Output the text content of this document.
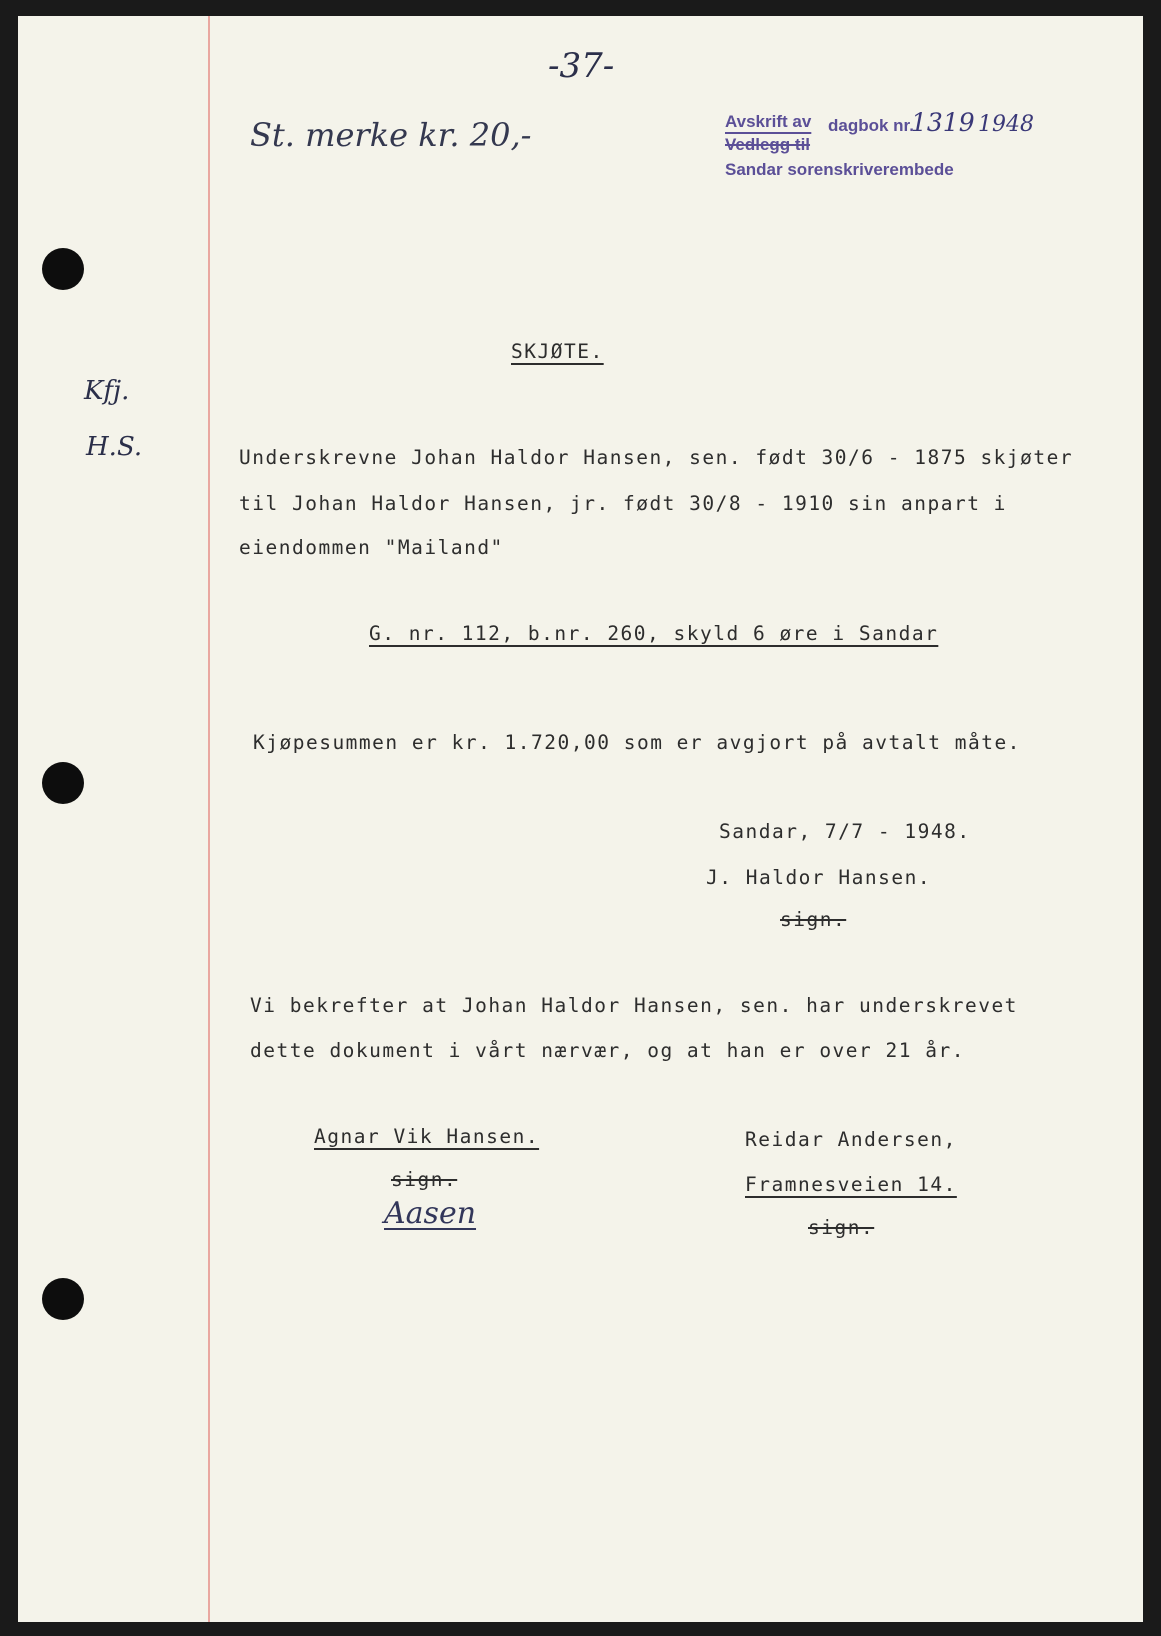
-37-
St. merke kr. 20,-	Avskrift av dagbok nr.
1319 1948
Vedlegg til
Sandar sorenskriverembede
Kfj.
H.S.
SKJØTE.
Underskrevne Johan Haldor Hansen, sen. født 30/6 - 1875 skjøter
til Johan Haldor Hansen, jr. født 30/8 - 1910 sin anpart i
eiendommen "Mailand"
G. nr. 112, b.nr. 260, skyld 6 øre i Sandar
Kjøpesummen er kr. 1.720,00 som er avgjort på avtalt måte.
Sandar, 7/7 - 1948.
J. Haldor Hansen.
sign.
Vi bekrefter at Johan Haldor Hansen, sen. har underskrevet
dette dokument i vårt nærvær, og at han er over 21 år.
Agnar Vik Hansen.
sign.
Aasen
Reidar Andersen,
Framnesveien 14.
sign.
